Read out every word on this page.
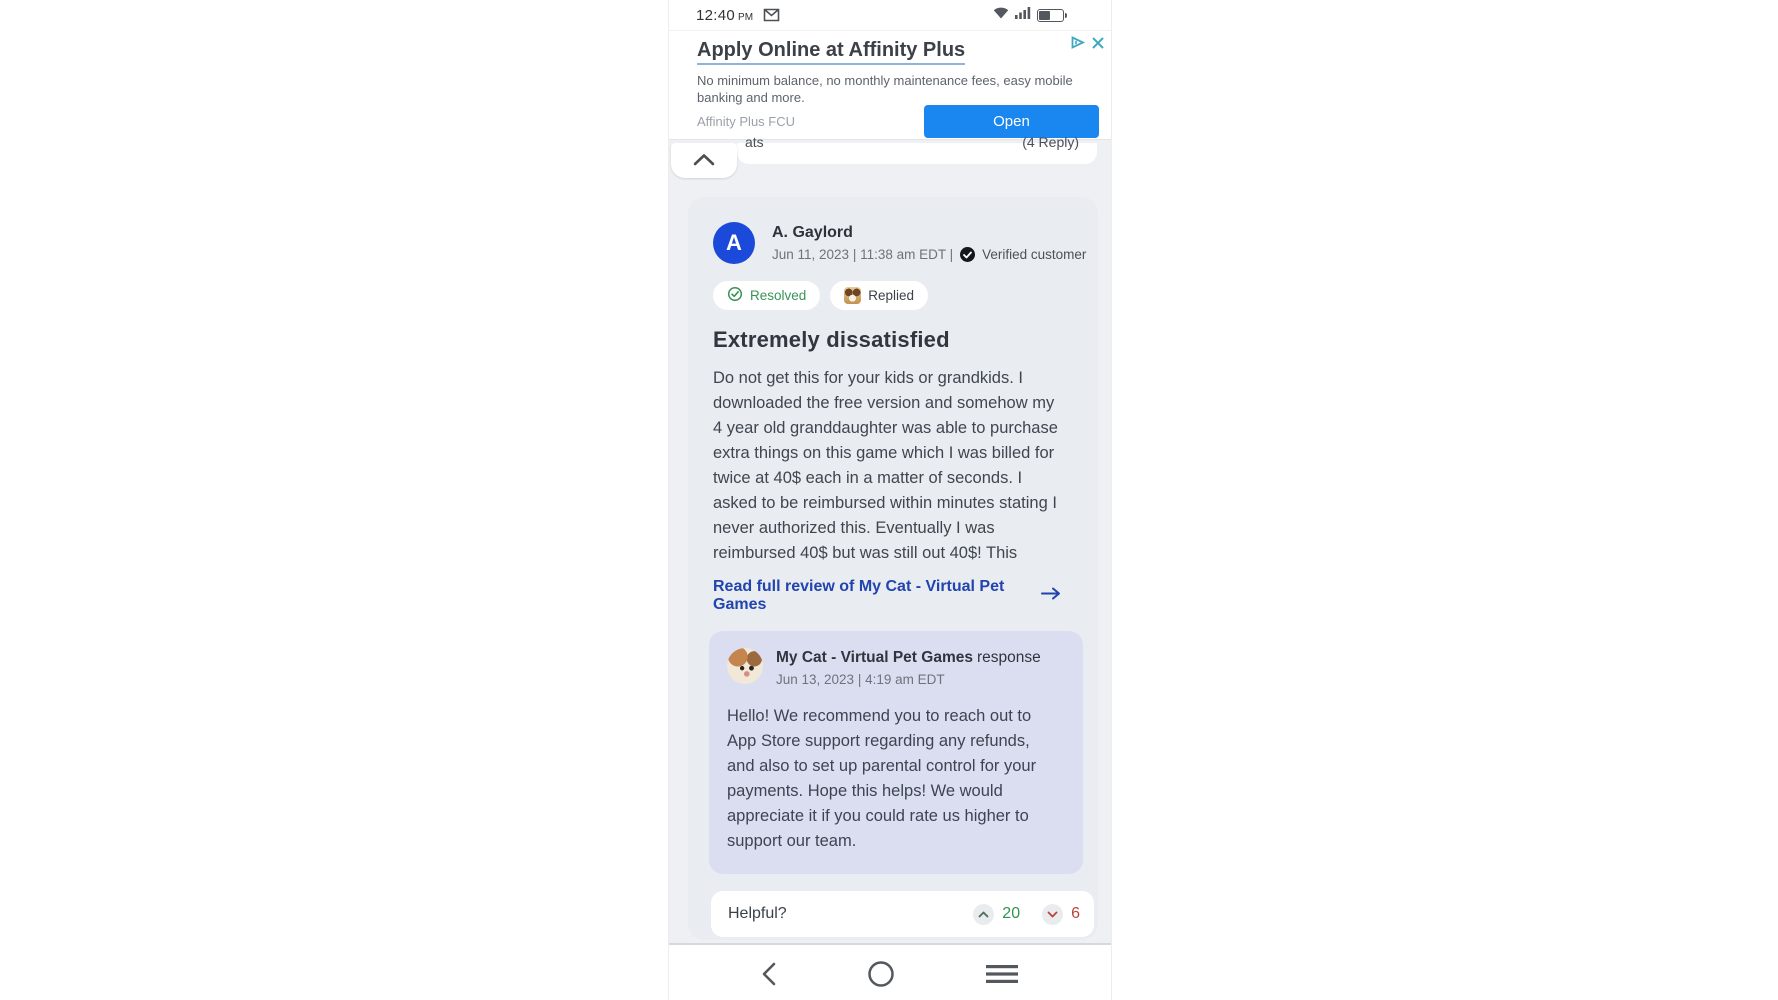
12:40 PM
Apply Online at Affinity Plus
No minimum balance, no monthly maintenance fees, easy mobile banking and more.
Affinity Plus FCU	Open
ats	(4 Reply)
A	A. Gaylord
Jun 11, 2023 | 11:38 am EDT | Verified customer
Resolved	Replied
Extremely dissatisfied

Do not get this for your kids or grandkids. I downloaded the free version and somehow my 4 year old granddaughter was able to purchase extra things on this game which I was billed for twice at 40$ each in a matter of seconds. I asked to be reimbursed within minutes stating I never authorized this. Eventually I was reimbursed 40$ but was still out 40$! This

Read full review of My Cat - Virtual Pet Games
My Cat - Virtual Pet Games response
Jun 13, 2023 | 4:19 am EDT

Hello! We recommend you to reach out to App Store support regarding any refunds, and also to set up parental control for your payments. Hope this helps! We would appreciate it if you could rate us higher to support our team.

Helpful?	20	6
